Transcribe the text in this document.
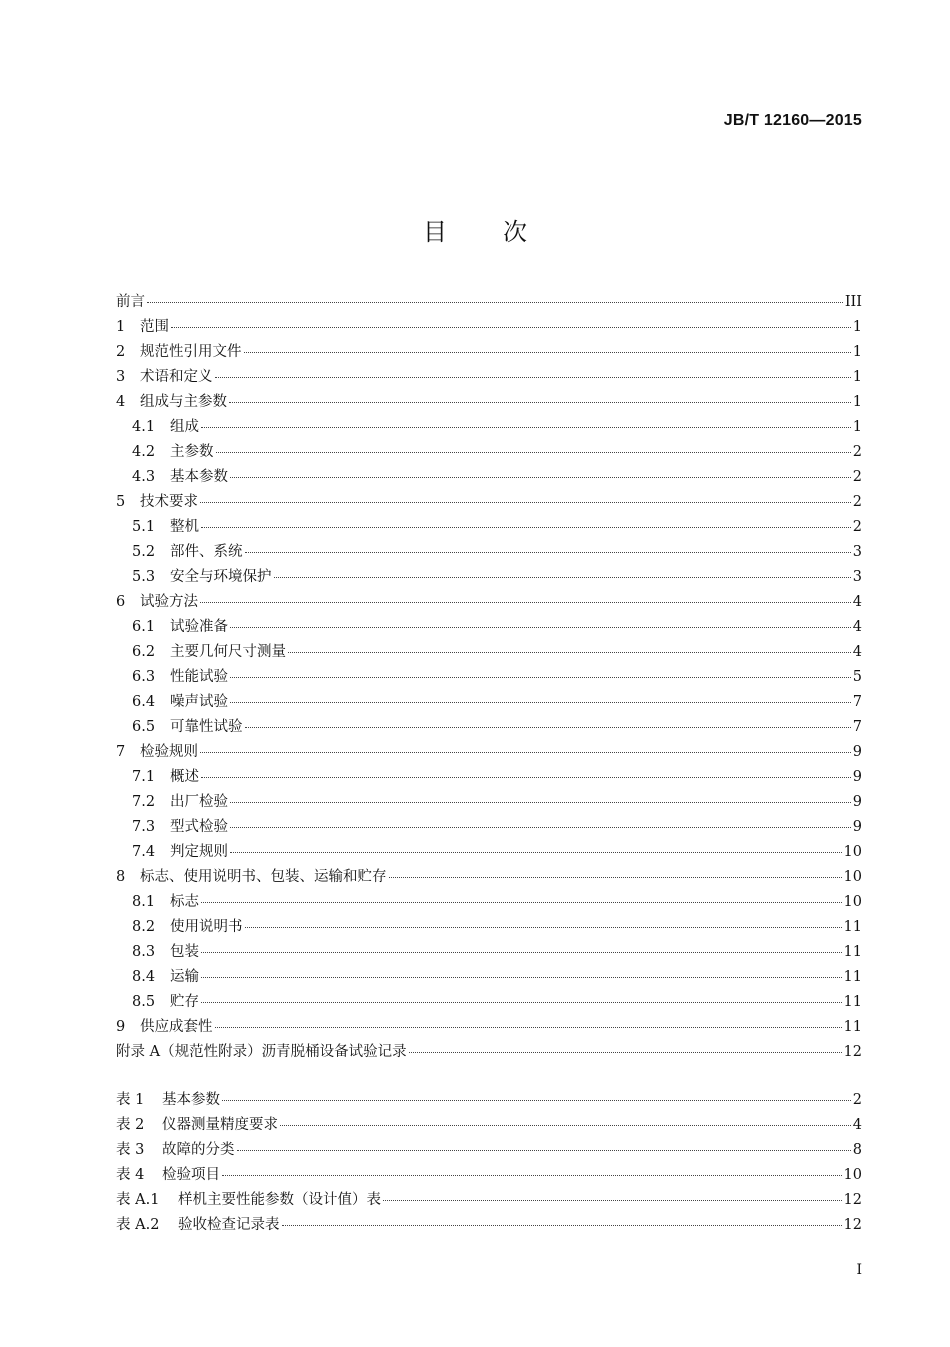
JB/T 12160—2015
目 次
前言	III
1	范围	1
2	规范性引用文件	1
3	术语和定义	1
4	组成与主参数	1
4.1	组成	1
4.2	主参数	2
4.3	基本参数	2
5	技术要求	2
5.1	整机	2
5.2	部件、系统	3
5.3	安全与环境保护	3
6	试验方法	4
6.1	试验准备	4
6.2	主要几何尺寸测量	4
6.3	性能试验	5
6.4	噪声试验	7
6.5	可靠性试验	7
7	检验规则	9
7.1	概述	9
7.2	出厂检验	9
7.3	型式检验	9
7.4	判定规则	10
8	标志、使用说明书、包装、运输和贮存	10
8.1	标志	10
8.2	使用说明书	11
8.3	包装	11
8.4	运输	11
8.5	贮存	11
9	供应成套性	11
附录 A（规范性附录）沥青脱桶设备试验记录	12
表 1	基本参数	2
表 2	仪器测量精度要求	4
表 3	故障的分类	8
表 4	检验项目	10
表 A.1	样机主要性能参数（设计值）表	12
表 A.2	验收检查记录表	12
I
